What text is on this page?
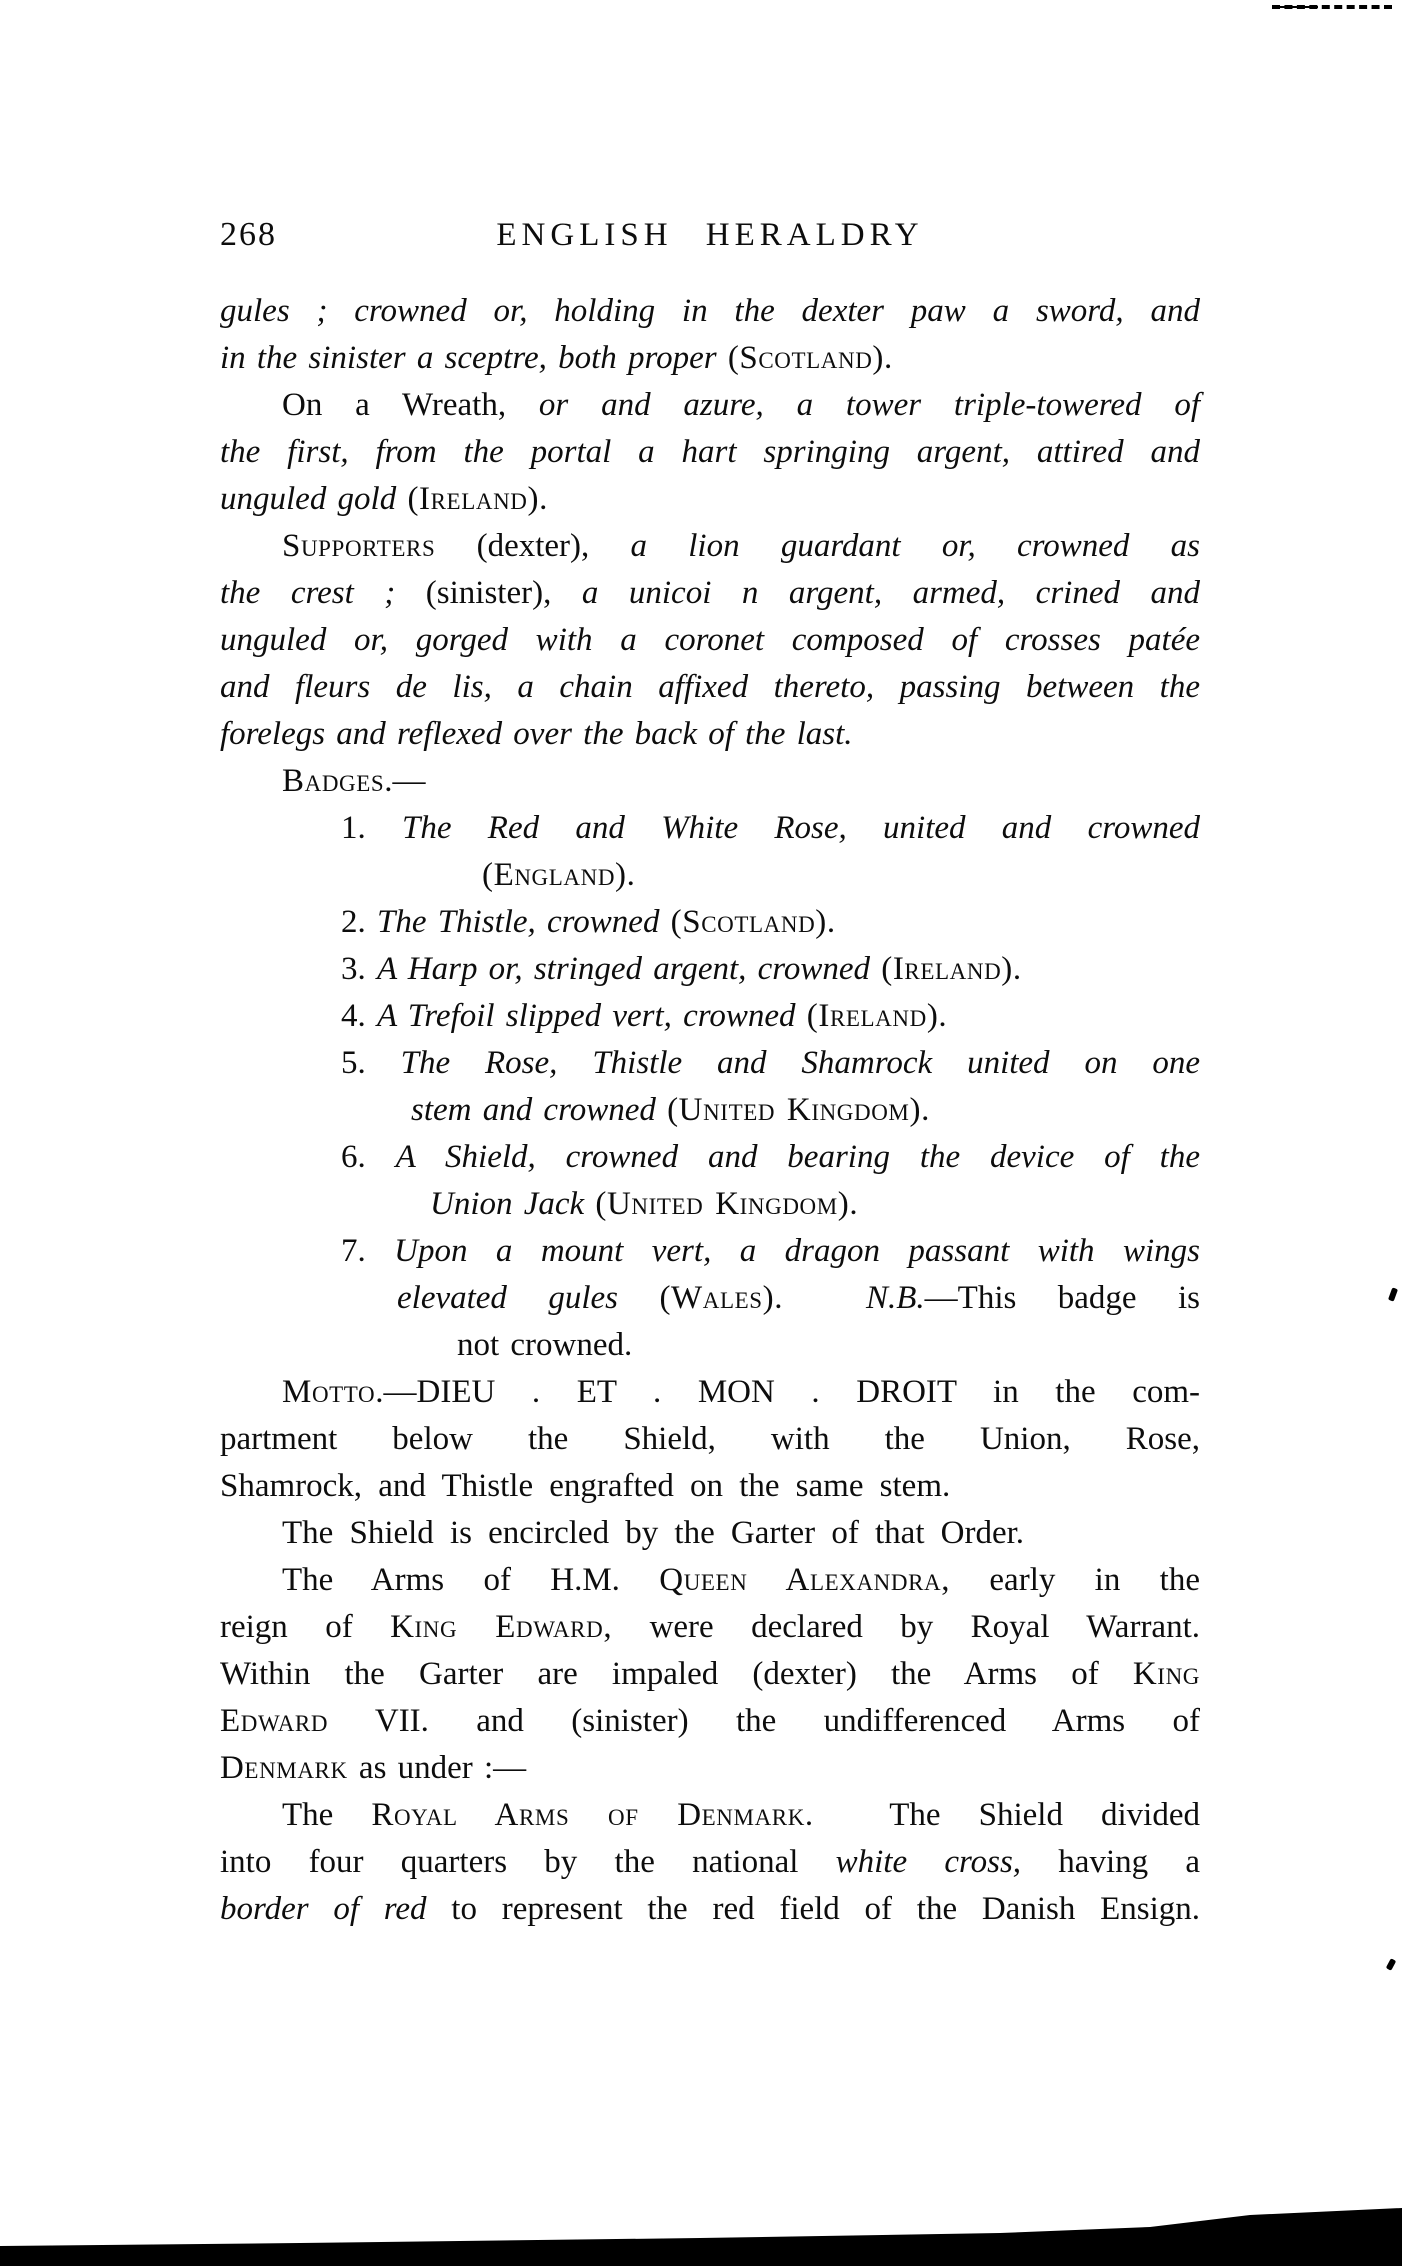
268	ENGLISH HERALDRY
gules ; crowned or, holding in the dexter paw a sword, and
in the sinister a sceptre, both proper (Scotland).
On a Wreath, or and azure, a tower triple-towered of
the first, from the portal a hart springing argent, attired and
unguled gold (Ireland).
Supporters (dexter), a lion guardant or, crowned as
the crest ; (sinister), a unicoi n argent, armed, crined and
unguled or, gorged with a coronet composed of crosses patée
and fleurs de lis, a chain affixed thereto, passing between the
forelegs and reflexed over the back of the last.
Badges.—
1. The Red and White Rose, united and crowned
(England).
2. The Thistle, crowned (Scotland).
3. A Harp or, stringed argent, crowned (Ireland).
4. A Trefoil slipped vert, crowned (Ireland).
5. The Rose, Thistle and Shamrock united on one
stem and crowned (United Kingdom).
6. A Shield, crowned and bearing the device of the
Union Jack (United Kingdom).
7. Upon a mount vert, a dragon passant with wings
elevated gules (Wales).	N.B.—This badge is
not crowned.
Motto.—DIEU . ET . MON . DROIT in the com-
partment below the Shield, with the Union, Rose,
Shamrock, and Thistle engrafted on the same stem.
The Shield is encircled by the Garter of that Order.
The Arms of H.M. Queen Alexandra, early in the
reign of King Edward, were declared by Royal Warrant.
Within the Garter are impaled (dexter) the Arms of King
Edward VII. and (sinister) the undifferenced Arms of
Denmark as under :—
The Royal Arms of Denmark.  The Shield divided
into four quarters by the national white cross, having a
border of red to represent the red field of the Danish Ensign.
